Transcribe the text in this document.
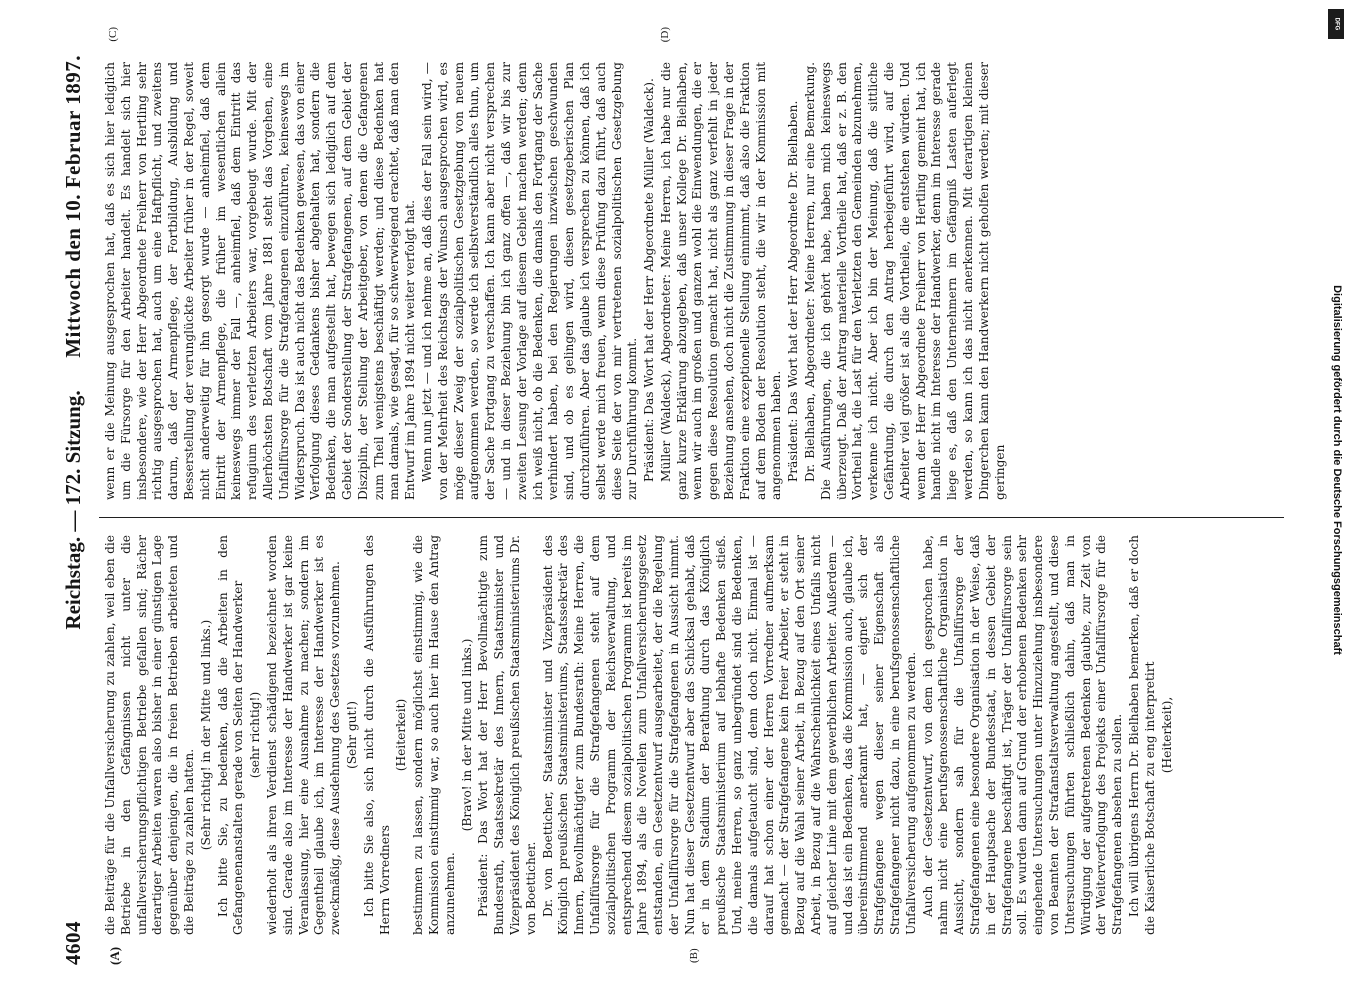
4604
Reichstag. — 172. Sitzung.
Mittwoch den 10. Februar 1897.
(A)	(B)
(C)	(D)

die Beiträge für die Unfallversicherung zu zahlen, weil eben die Betriebe in den Gefängnissen nicht unter die unfallversicherungspflichtigen Betriebe gefallen sind; Rächer derartiger Arbeiten waren also bisher in einer günstigen Lage gegenüber denjenigen, die in freien Betrieben arbeiteten und die Beiträge zu zahlen hatten. (Sehr richtig! in der Mitte und links.) Ich bitte Sie, zu bedenken, daß die Arbeiten in den Gefangenenanstalten gerade von Seiten der Handwerker (sehr richtig!) wiederholt als ihren Verdienst schädigend bezeichnet worden sind. Gerade also im Interesse der Handwerker ist gar keine Veranlassung, hier eine Ausnahme zu machen; sondern im Gegentheil glaube ich, im Interesse der Handwerker ist es zweckmäßig, diese Ausdehnung des Gesetzes vorzunehmen. (Sehr gut!) Ich bitte Sie also, sich nicht durch die Ausführungen des Herrn Vorredners

(Heiterkeit) bestimmen zu lassen, sondern möglichst einstimmig, wie die Kommission einstimmig war, so auch hier im Hause den Antrag anzunehmen.

(Bravo! in der Mitte und links.) Präsident: Das Wort hat der Herr Bevollmächtigte zum Bundesrath, Staatssekretär des Innern, Staatsminister und Vizepräsident des Königlich preußischen Staatsministeriums Dr. von Boetticher. Dr. von Boetticher, Staatsminister und Vizepräsident des Königlich preußischen Staatsministeriums, Staatssekretär des Innern, Bevollmächtigter zum Bundesrath: Meine Herren, die Unfallfürsorge für die Strafgefangenen steht auf dem sozialpolitischen Programm der Reichsverwaltung, und entsprechend diesem sozialpolitischen Programm ist bereits im Jahre 1894, als die Novellen zum Unfallversicherungsgesetz entstanden, ein Gesetzentwurf ausgearbeitet, der die Regelung der Unfallfürsorge für die Strafgefangenen in Aussicht nimmt. Nun hat dieser Gesetzentwurf aber das Schicksal gehabt, daß er in dem Stadium der Berathung durch das Königlich preußische Staatsministerium auf lebhafte Bedenken stieß. Und, meine Herren, so ganz unbegründet sind die Bedenken, die damals aufgetaucht sind, denn doch nicht. Einmal ist — darauf hat schon einer der Herren Vorredner aufmerksam gemacht — der Strafgefangene kein freier Arbeiter, er steht in Bezug auf die Wahl seiner Arbeit, in Bezug auf den Ort seiner Arbeit, in Bezug auf die Wahrscheinlichkeit eines Unfalls nicht auf gleicher Linie mit dem gewerblichen Arbeiter. Außerdem — und das ist ein Bedenken, das die Kommission auch, glaube ich, übereinstimmend anerkannt hat, — eignet sich der Strafgefangene wegen dieser seiner Eigenschaft als Strafgefangener nicht dazu, in eine berufsgenossenschaftliche Unfallversicherung aufgenommen zu werden. Auch der Gesetzentwurf, von dem ich gesprochen habe, nahm nicht eine berufsgenossenschaftliche Organisation in Aussicht, sondern sah für die Unfallfürsorge der Strafgefangenen eine besondere Organisation in der Weise, daß in der Hauptsache der Bundesstaat, in dessen Gebiet der Strafgefangene beschäftigt ist, Träger der Unfallfürsorge sein soll. Es wurden dann auf Grund der erhobenen Bedenken sehr eingehende Untersuchungen unter Hinzuziehung insbesondere von Beamten der Strafanstaltsverwaltung angestellt, und diese Untersuchungen führten schließlich dahin, daß man in Würdigung der aufgetretenen Bedenken glaubte, zur Zeit von der Weiterverfolgung des Projekts einer Unfallfürsorge für die Strafgefangenen absehen zu sollen. Ich will übrigens Herrn Dr. Bielhaben bemerken, daß er doch die Kaiserliche Botschaft zu eng interpretirt (Heiterkeit),

wenn er die Meinung ausgesprochen hat, daß es sich hier lediglich um die Fürsorge für den Arbeiter handelt. Es handelt sich hier insbesondere, wie der Herr Abgeordnete Freiherr von Hertling sehr richtig ausgesprochen hat, auch um eine Haftpflicht, und zweitens darum, daß der Armenpflege, der Fortbildung, Ausbildung und Besserstellung der verunglückte Arbeiter früher in der Regel, soweit nicht anderweitig für ihn gesorgt wurde — anheimfiel, daß dem Eintritt der Armenpflege, die früher im wesentlichen allein keineswegs immer der Fall —, anheimfiel, daß dem Eintritt das refugium des verletzten Arbeiters war, vorgebeugt wurde. Mit der Allerhöchsten Botschaft vom Jahre 1881 steht das Vorgehen, eine Unfallfürsorge für die Strafgefangenen einzuführen, keineswegs im Widerspruch. Das ist auch nicht das Bedenken gewesen, das von einer Verfolgung dieses Gedankens bisher abgehalten hat, sondern die Bedenken, die man aufgestellt hat, bewegen sich lediglich auf dem Gebiet der Sonderstellung der Strafgefangenen, auf dem Gebiet der Disziplin, der Stellung der Arbeitgeber, von denen die Gefangenen zum Theil wenigstens beschäftigt werden; und diese Bedenken hat man damals, wie gesagt, für so schwerwiegend erachtet, daß man den Entwurf im Jahre 1894 nicht weiter verfolgt hat. Wenn nun jetzt — und ich nehme an, daß dies der Fall sein wird, — von der Mehrheit des Reichstags der Wunsch ausgesprochen wird, es möge dieser Zweig der sozialpolitischen Gesetzgebung von neuem aufgenommen werden, so werde ich selbstverständlich alles thun, um der Sache Fortgang zu verschaffen. Ich kann aber nicht versprechen — und in dieser Beziehung bin ich ganz offen —, daß wir bis zur zweiten Lesung der Vorlage auf diesem Gebiet machen werden; denn ich weiß nicht, ob die Bedenken, die damals den Fortgang der Sache verhindert haben, bei den Regierungen inzwischen geschwunden sind, und ob es gelingen wird, diesen gesetzgeberischen Plan durchzuführen. Aber das glaube ich versprechen zu können, daß ich selbst werde mich freuen, wenn diese Prüfung dazu führt, daß auch diese Seite der von mir vertretenen sozialpolitischen Gesetzgebung zur Durchführung kommt. Präsident: Das Wort hat der Herr Abgeordnete Müller (Waldeck). Müller (Waldeck), Abgeordneter: Meine Herren, ich habe nur die ganz kurze Erklärung abzugeben, daß unser Kollege Dr. Bielhaben, wenn wir auch im großen und ganzen wohl die Einwendungen, die er gegen diese Resolution gemacht hat, nicht als ganz verfehlt in jeder Beziehung ansehen, doch nicht die Zustimmung in dieser Frage in der Fraktion eine exzeptionelle Stellung einnimmt, daß also die Fraktion auf dem Boden der Resolution steht, die wir in der Kommission mit angenommen haben. Präsident: Das Wort hat der Herr Abgeordnete Dr. Bielhaben. Dr. Bielhaben, Abgeordneter: Meine Herren, nur eine Bemerkung. Die Ausführungen, die ich gehört habe, haben mich keineswegs überzeugt. Daß der Antrag materielle Vortheile hat, daß er z. B. den Vortheil hat, die Last für den Verletzten den Gemeinden abzunehmen, verkenne ich nicht. Aber ich bin der Meinung, daß die sittliche Gefährdung, die durch den Antrag herbeigeführt wird, auf die Arbeiter viel größer ist als die Vortheile, die entstehen würden. Und wenn der Herr Abgeordnete Freiherr von Hertling gemeint hat, ich handle nicht im Interesse der Handwerker, denn im Interesse gerade liege es, daß den Unternehmern im Gefängniß Lasten auferlegt werden, so kann ich das nicht anerkennen. Mit derartigen kleinen Dingerchen kann den Handwerkern nicht geholfen werden; mit dieser geringen

DFG
Digitalisierung gefördert durch die Deutsche Forschungsgemeinschaft
